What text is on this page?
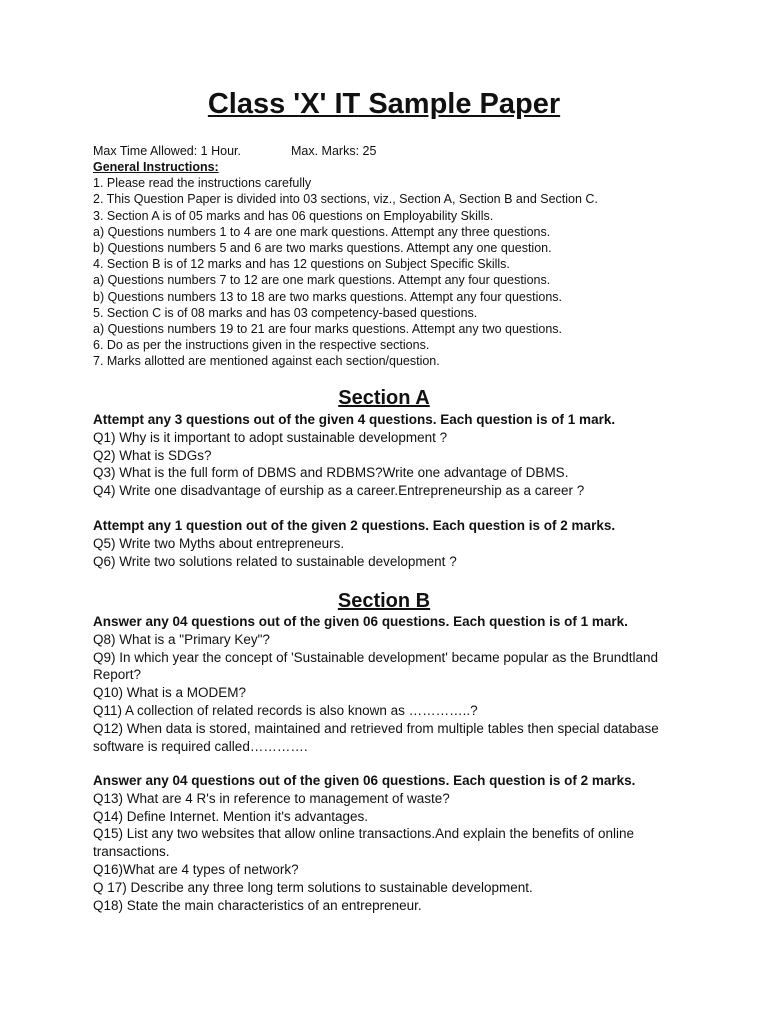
Class 'X' IT Sample Paper
Max Time Allowed: 1 Hour.	Max. Marks: 25
General Instructions:
1. Please read the instructions carefully
2. This Question Paper is divided into 03 sections, viz., Section A, Section B and Section C.
3. Section A is of 05 marks and has 06 questions on Employability Skills.
a) Questions numbers 1 to 4 are one mark questions. Attempt any three questions.
b) Questions numbers 5 and 6 are two marks questions. Attempt any one question.
4. Section B is of 12 marks and has 12 questions on Subject Specific Skills.
a) Questions numbers 7 to 12 are one mark questions. Attempt any four questions.
b) Questions numbers 13 to 18 are two marks questions. Attempt any four questions.
5. Section C is of 08 marks and has 03 competency-based questions.
a) Questions numbers 19 to 21 are four marks questions. Attempt any two questions.
6. Do as per the instructions given in the respective sections.
7. Marks allotted are mentioned against each section/question.
Section A
Attempt any 3 questions out of the given 4 questions. Each question is of 1 mark.
Q1) Why is it important to adopt sustainable development ?
Q2) What is SDGs?
Q3) What is the full form of DBMS and RDBMS?Write one advantage of DBMS.
Q4) Write one disadvantage of eurship as a career.Entrepreneurship as a career ?
Attempt any 1 question out of the given 2 questions. Each question is of 2 marks.
Q5) Write two Myths about entrepreneurs.
Q6) Write two solutions related to sustainable development ?
Section B
Answer any 04 questions out of the given 06 questions. Each question is of 1 mark.
Q8) What is a "Primary Key"?
Q9) In which year the concept of 'Sustainable development' became popular as the Brundtland Report?
Q10) What is a MODEM?
Q11) A collection of related records is also known as …………..?
Q12) When data is stored, maintained and retrieved from multiple tables then special database software is required called………….
Answer any 04 questions out of the given 06 questions. Each question is of 2 marks.
Q13) What are 4 R's in reference to management of waste?
Q14) Define Internet. Mention it's advantages.
Q15) List any two websites that allow online transactions.And explain the benefits of online transactions.
Q16)What are 4 types of network?
Q 17) Describe any three long term solutions to sustainable development.
Q18) State the main characteristics of an entrepreneur.
